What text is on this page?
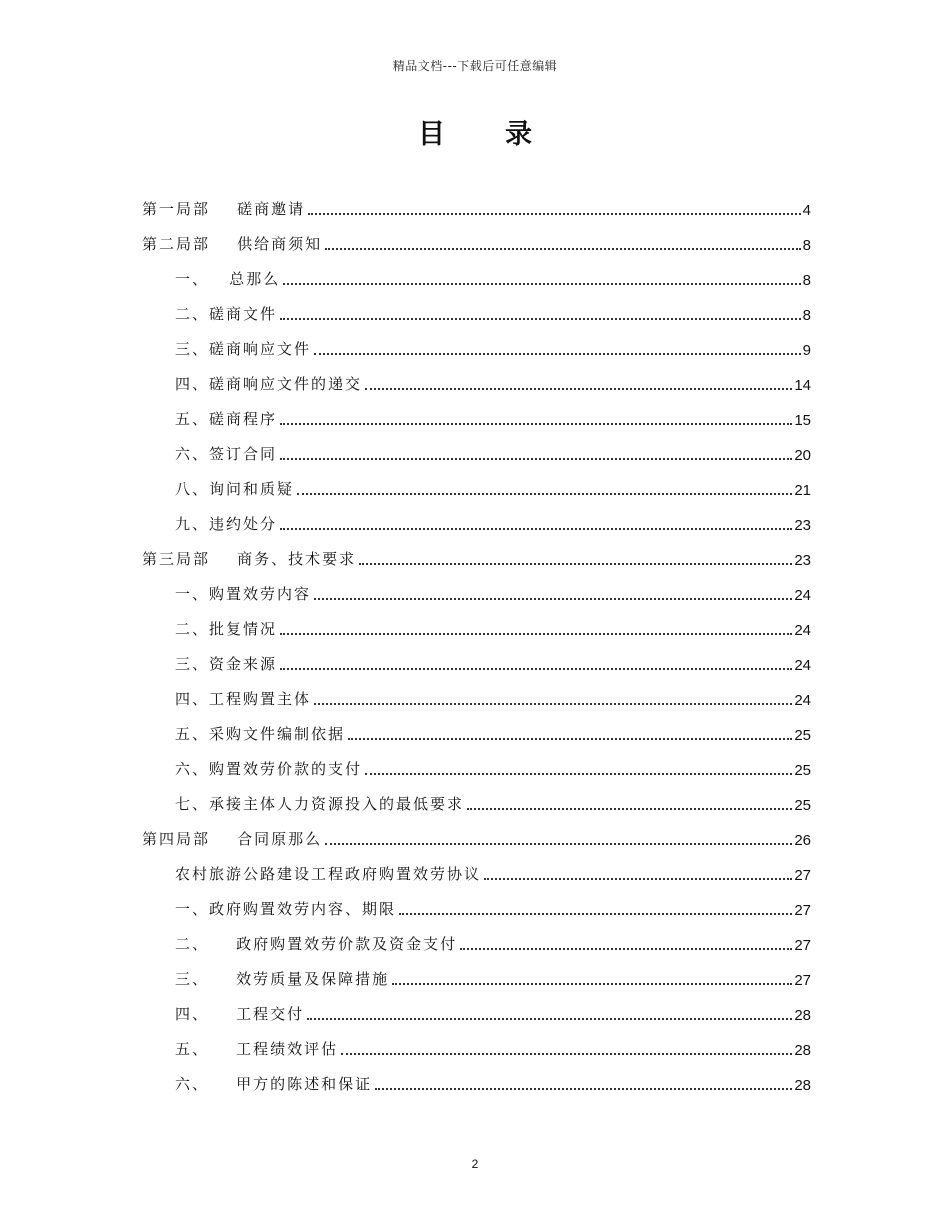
精品文档---下载后可任意编辑
目录
第一局部    磋商邀请	4
第二局部    供给商须知	8
一、   总那么	8
二、磋商文件	8
三、磋商响应文件	9
四、磋商响应文件的递交	14
五、磋商程序	15
六、签订合同	20
八、询问和质疑	21
九、违约处分	23
第三局部    商务、技术要求	23
一、购置效劳内容	24
二、批复情况	24
三、资金来源	24
四、工程购置主体	24
五、采购文件编制依据	25
六、购置效劳价款的支付	25
七、承接主体人力资源投入的最低要求	25
第四局部    合同原那么	26
农村旅游公路建设工程政府购置效劳协议	27
一、政府购置效劳内容、期限	27
二、    政府购置效劳价款及资金支付	27
三、    效劳质量及保障措施	27
四、    工程交付	28
五、    工程绩效评估	28
六、    甲方的陈述和保证	28
2
